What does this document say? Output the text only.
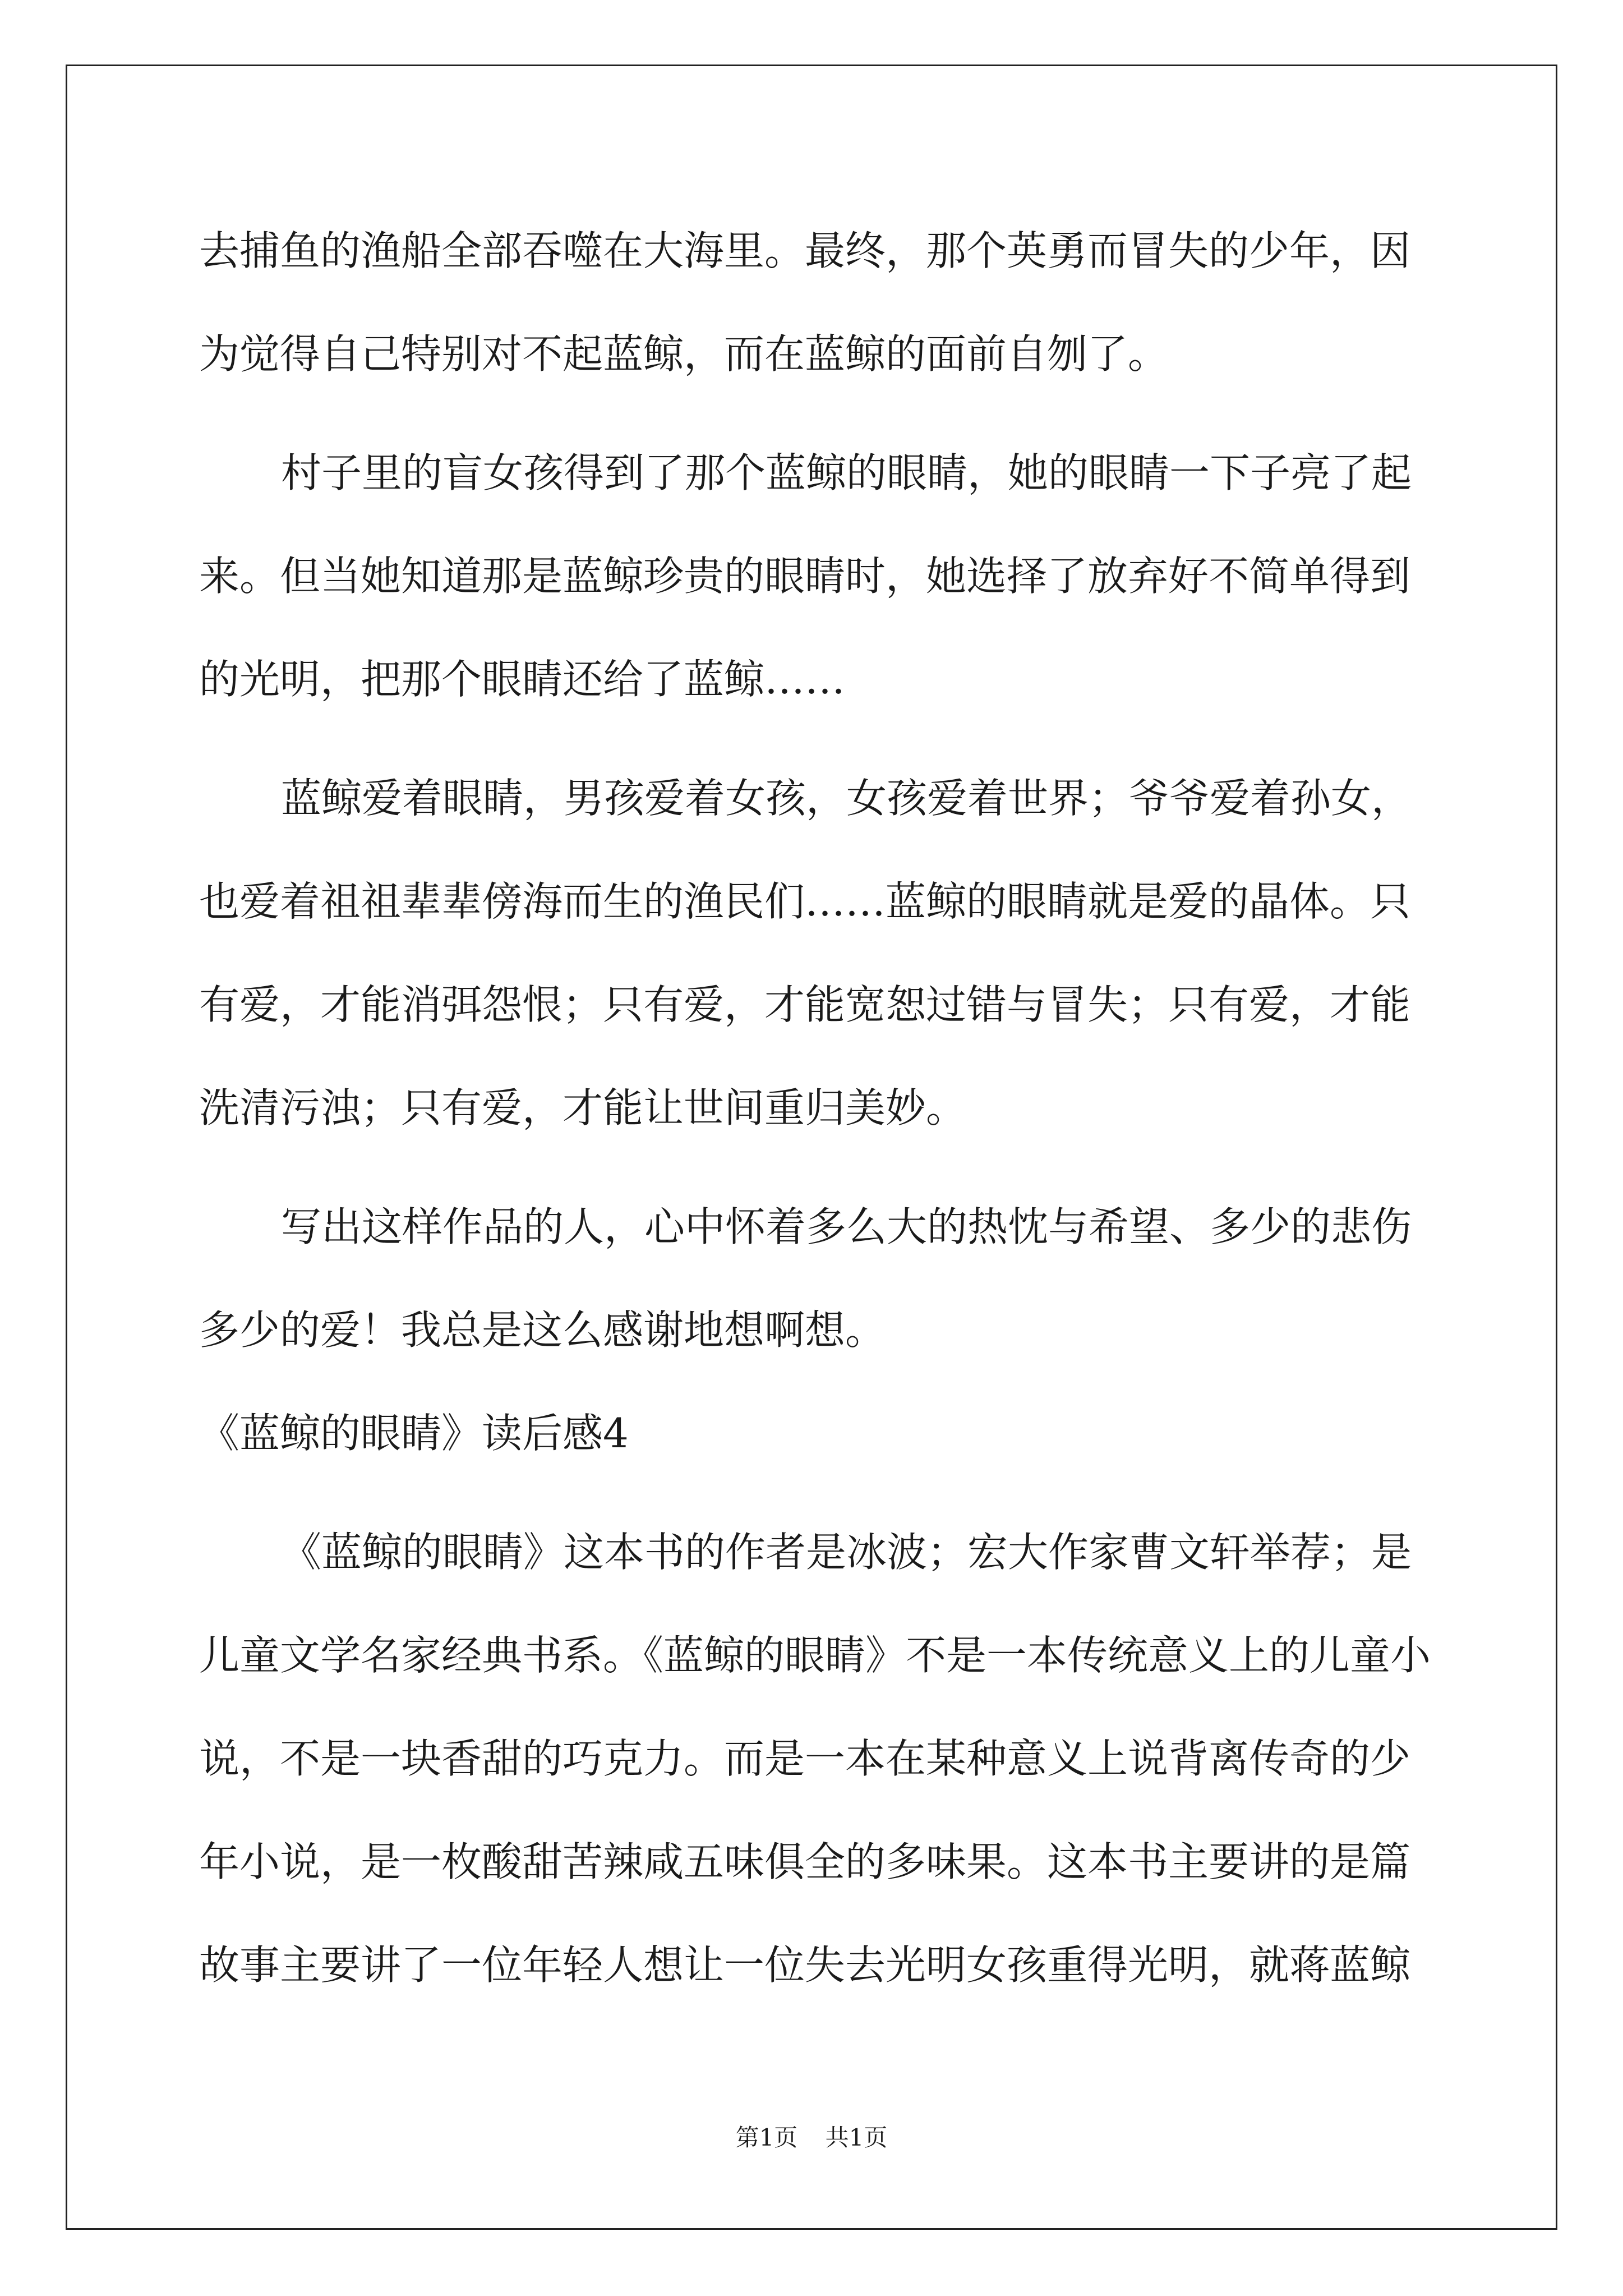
去捕鱼的渔船全部吞噬在大海里。最终，那个英勇而冒失的少年，因
为觉得自己特别对不起蓝鲸，而在蓝鲸的面前自刎了。
村子里的盲女孩得到了那个蓝鲸的眼睛，她的眼睛一下子亮了起
来。但当她知道那是蓝鲸珍贵的眼睛时，她选择了放弃好不简单得到
的光明，把那个眼睛还给了蓝鲸……
蓝鲸爱着眼睛，男孩爱着女孩，女孩爱着世界；爷爷爱着孙女，
也爱着祖祖辈辈傍海而生的渔民们……蓝鲸的眼睛就是爱的晶体。只
有爱，才能消弭怨恨；只有爱，才能宽恕过错与冒失；只有爱，才能
洗清污浊；只有爱，才能让世间重归美妙。
写出这样作品的人，心中怀着多么大的热忱与希望、多少的悲伤
多少的爱！我总是这么感谢地想啊想。
《蓝鲸的眼睛》读后感4
《蓝鲸的眼睛》这本书的作者是冰波；宏大作家曹文轩举荐；是
儿童文学名家经典书系。《蓝鲸的眼睛》不是一本传统意义上的儿童小
说，不是一块香甜的巧克力。而是一本在某种意义上说背离传奇的少
年小说，是一枚酸甜苦辣咸五味俱全的多味果。这本书主要讲的是篇
故事主要讲了一位年轻人想让一位失去光明女孩重得光明，就蒋蓝鲸
第1页 共1页
